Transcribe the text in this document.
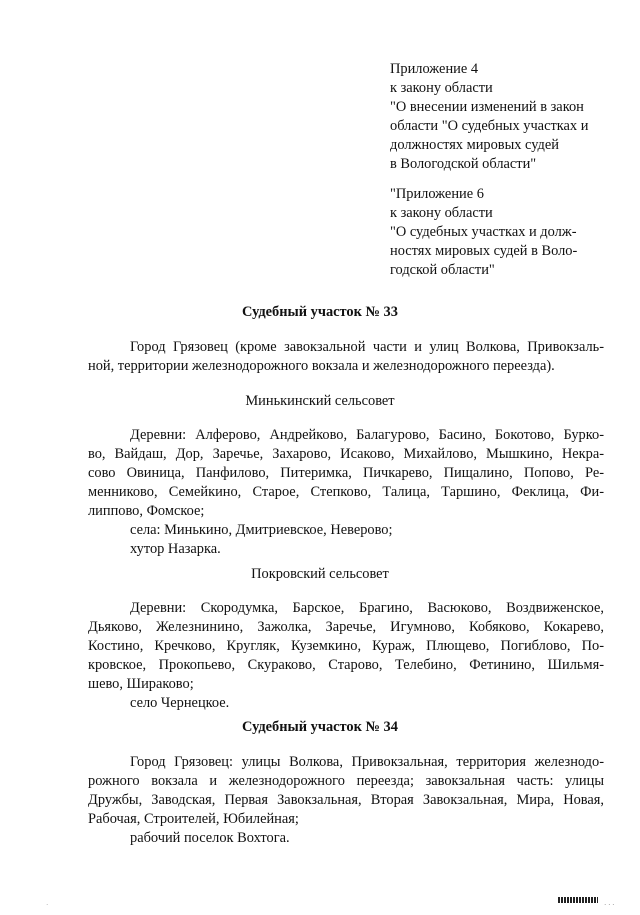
Приложение 4
к закону области
"О внесении изменений в закон
области "О судебных участках и
должностях мировых судей
в Вологодской области"
"Приложение 6
к закону области
"О судебных участках и долж-
ностях мировых судей в Воло-
годской области"
Судебный участок № 33
Город Грязовец (кроме завокзальной части и улиц Волкова, Привокзаль-
ной, территории железнодорожного вокзала и железнодорожного переезда).
Минькинский сельсовет
Деревни: Алферово, Андрейково, Балагурово, Басино, Бокотово, Бурко-
во, Вайдаш, Дор, Заречье, Захарово, Исаково, Михайлово, Мышкино, Некра-
сово Овиница, Панфилово, Питеримка, Пичкарево, Пищалино, Попово, Ре-
менниково, Семейкино, Старое, Степково, Талица, Таршино, Феклица, Фи-
липпово, Фомское;
села: Минькино, Дмитриевское, Неверово;
хутор Назарка.
Покровский сельсовет
Деревни: Скородумка, Барское, Брагино, Васюково, Воздвиженское,
Дьяково, Железнинино, Зажолка, Заречье, Игумново, Кобяково, Кокарево,
Костино, Кречково, Кругляк, Куземкино, Кураж, Плющево, Погиблово, По-
кровское, Прокопьево, Скураково, Старово, Телебино, Фетинино, Шильмя-
шево, Шираково;
село Чернецкое.
Судебный участок № 34
Город Грязовец: улицы Волкова, Привокзальная, территория железнодо-
рожного вокзала и железнодорожного переезда; завокзальная часть: улицы
Дружбы, Заводская, Первая Завокзальная, Вторая Завокзальная, Мира, Новая,
Рабочая, Строителей, Юбилейная;
рабочий поселок Вохтога.
·	· · ·
